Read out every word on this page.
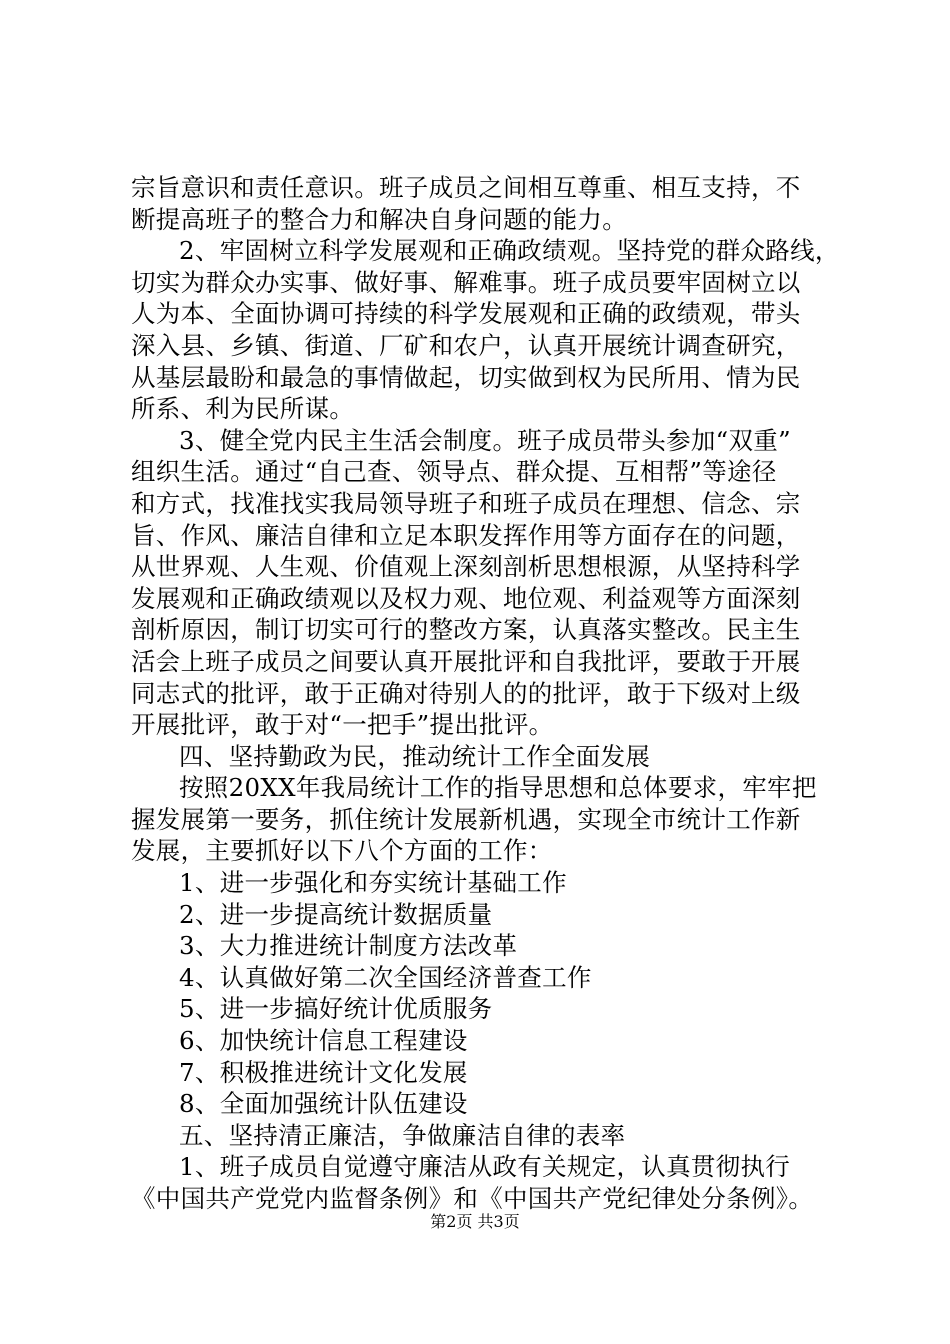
宗旨意识和责任意识。班子成员之间相互尊重、相互支持，不
断提高班子的整合力和解决自身问题的能力。
2、牢固树立科学发展观和正确政绩观。坚持党的群众路线，
切实为群众办实事、做好事、解难事。班子成员要牢固树立以
人为本、全面协调可持续的科学发展观和正确的政绩观，带头
深入县、乡镇、街道、厂矿和农户，认真开展统计调查研究，
从基层最盼和最急的事情做起，切实做到权为民所用、情为民
所系、利为民所谋。
3、健全党内民主生活会制度。班子成员带头参加“双重”
组织生活。通过“自己查、领导点、群众提、互相帮”等途径
和方式，找准找实我局领导班子和班子成员在理想、信念、宗
旨、作风、廉洁自律和立足本职发挥作用等方面存在的问题，
从世界观、人生观、价值观上深刻剖析思想根源，从坚持科学
发展观和正确政绩观以及权力观、地位观、利益观等方面深刻
剖析原因，制订切实可行的整改方案，认真落实整改。民主生
活会上班子成员之间要认真开展批评和自我批评，要敢于开展
同志式的批评，敢于正确对待别人的的批评，敢于下级对上级
开展批评，敢于对“一把手”提出批评。
四、坚持勤政为民，推动统计工作全面发展
按照20XX年我局统计工作的指导思想和总体要求，牢牢把
握发展第一要务，抓住统计发展新机遇，实现全市统计工作新
发展，主要抓好以下八个方面的工作：
1、进一步强化和夯实统计基础工作
2、进一步提高统计数据质量
3、大力推进统计制度方法改革
4、认真做好第二次全国经济普查工作
5、进一步搞好统计优质服务
6、加快统计信息工程建设
7、积极推进统计文化发展
8、全面加强统计队伍建设
五、坚持清正廉洁，争做廉洁自律的表率
1、班子成员自觉遵守廉洁从政有关规定，认真贯彻执行
《中国共产党党内监督条例》和《中国共产党纪律处分条例》。
第2页 共3页
